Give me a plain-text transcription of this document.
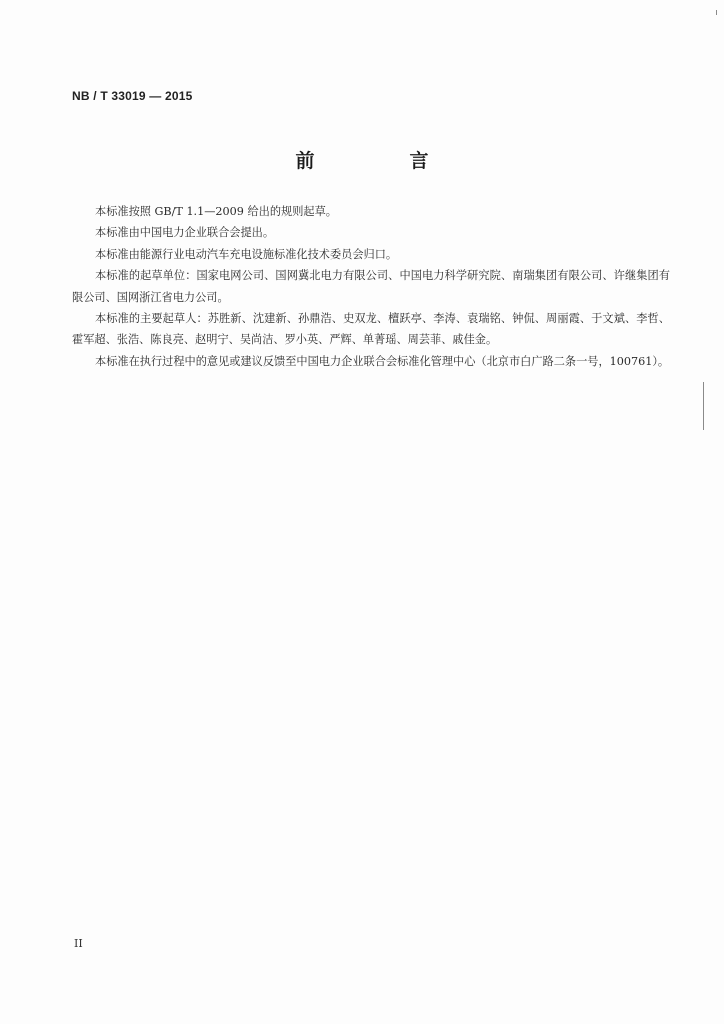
NB / T 33019 — 2015
前　言

本标准按照 GB/T 1.1—2009 给出的规则起草。

本标准由中国电力企业联合会提出。

本标准由能源行业电动汽车充电设施标准化技术委员会归口。

本标准的起草单位：国家电网公司、国网冀北电力有限公司、中国电力科学研究院、南瑞集团有限公司、许继集团有限公司、国网浙江省电力公司。

本标准的主要起草人：苏胜新、沈建新、孙鼎浩、史双龙、檀跃亭、李涛、袁瑞铭、钟侃、周丽霞、于文斌、李哲、霍军超、张浩、陈良亮、赵明宁、吴尚洁、罗小英、严辉、单菁瑶、周芸菲、戚佳金。

本标准在执行过程中的意见或建议反馈至中国电力企业联合会标准化管理中心（北京市白广路二条一号，100761）。

II
